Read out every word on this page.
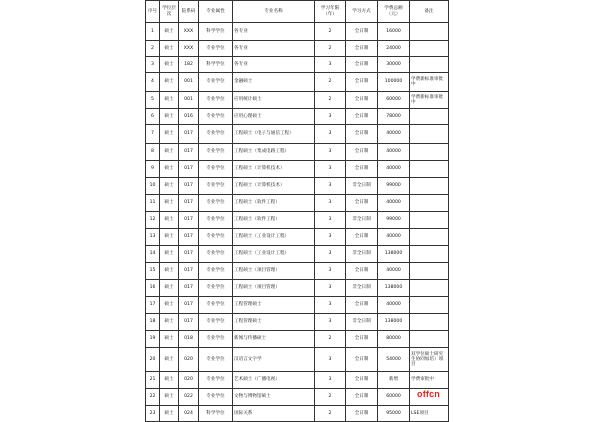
序号	学位层次	院系码	专业属性	专业名称	学习年限（年）	学习方式	学费总额（元）	备注
1	硕士	XXX	科学学位	各专业	2	全日制	16000	
2	硕士	XXX	专业学位	各专业	2	全日制	24000	
3	硕士	182	科学学位	各专业	3	全日制	30000	
4	硕士	001	专业学位	金融硕士	2	全日制	100000	学费新标准审批中
5	硕士	001	专业学位	应用统计硕士	2	全日制	60000	学费新标准审批中
6	硕士	016	专业学位	应用心理硕士	3	全日制	78000	
7	硕士	017	专业学位	工程硕士（电子与通信工程）	3	全日制	40000	
8	硕士	017	专业学位	工程硕士（集成电路工程）	3	全日制	40000	
9	硕士	017	专业学位	工程硕士（计算机技术）	3	全日制	40000	
10	硕士	017	专业学位	工程硕士（计算机技术）	3	非全日制	99000	
11	硕士	017	专业学位	工程硕士（软件工程）	3	全日制	40000	
12	硕士	017	专业学位	工程硕士（软件工程）	3	非全日制	99000	
13	硕士	017	专业学位	工程硕士（工业设计工程）	3	全日制	40000	
14	硕士	017	专业学位	工程硕士（工业设计工程）	3	非全日制	138000	
15	硕士	017	专业学位	工程硕士（项目管理）	3	全日制	40000	
16	硕士	017	专业学位	工程硕士（项目管理）	3	非全日制	138000	
17	硕士	017	专业学位	工程管理硕士	3	全日制	40000	
18	硕士	017	专业学位	工程管理硕士	3	非全日制	138000	
19	硕士	018	专业学位	新闻与传播硕士	2	全日制	80000	
20	硕士	020	专业学位	汉语言文字学	3	全日制	54000	双学位硕士研究生协同加培）项目
21	硕士	020	专业学位	艺术硕士（广播电视）	3	全日制	新增	学费审批中
22	硕士	022	专业学位	文物与博物馆硕士	2	全日制	60000	
23	硕士	024	科学学位	国际关系	2	全日制	95000	LSE项目
offcn
